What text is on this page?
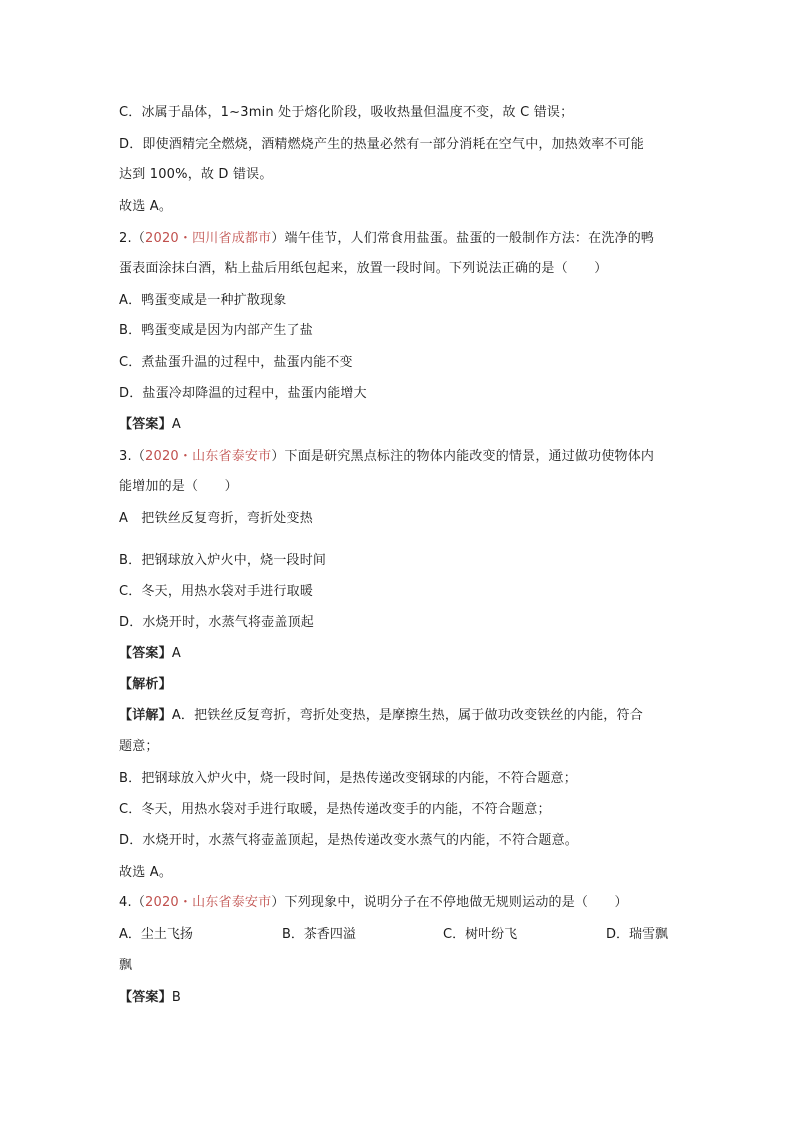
C．冰属于晶体，1~3min 处于熔化阶段，吸收热量但温度不变，故 C 错误；
D．即使酒精完全燃烧，酒精燃烧产生的热量必然有一部分消耗在空气中，加热效率不可能
达到 100%，故 D 错误。
故选 A。
2.（2020・四川省成都市）端午佳节，人们常食用盐蛋。盐蛋的一般制作方法：在洗净的鸭
蛋表面涂抹白酒，粘上盐后用纸包起来，放置一段时间。下列说法正确的是（　　）
A．鸭蛋变咸是一种扩散现象
B．鸭蛋变咸是因为内部产生了盐
C．煮盐蛋升温的过程中，盐蛋内能不变
D．盐蛋冷却降温的过程中，盐蛋内能增大
【答案】A
3.（2020・山东省泰安市）下面是研究黑点标注的物体内能改变的情景，通过做功使物体内
能增加的是（　　）
A　把铁丝反复弯折，弯折处变热
B．把钢球放入炉火中，烧一段时间
C．冬天，用热水袋对手进行取暖
D．水烧开时，水蒸气将壶盖顶起
【答案】A
【解析】
【详解】A．把铁丝反复弯折，弯折处变热，是摩擦生热，属于做功改变铁丝的内能，符合
题意；
B．把钢球放入炉火中，烧一段时间，是热传递改变钢球的内能，不符合题意；
C．冬天，用热水袋对手进行取暖，是热传递改变手的内能，不符合题意；
D．水烧开时，水蒸气将壶盖顶起，是热传递改变水蒸气的内能，不符合题意。
故选 A。
4.（2020・山东省泰安市）下列现象中，说明分子在不停地做无规则运动的是（　　）
A．尘土飞扬	B．茶香四溢	C．树叶纷飞	D．瑞雪飘
飘
【答案】B
